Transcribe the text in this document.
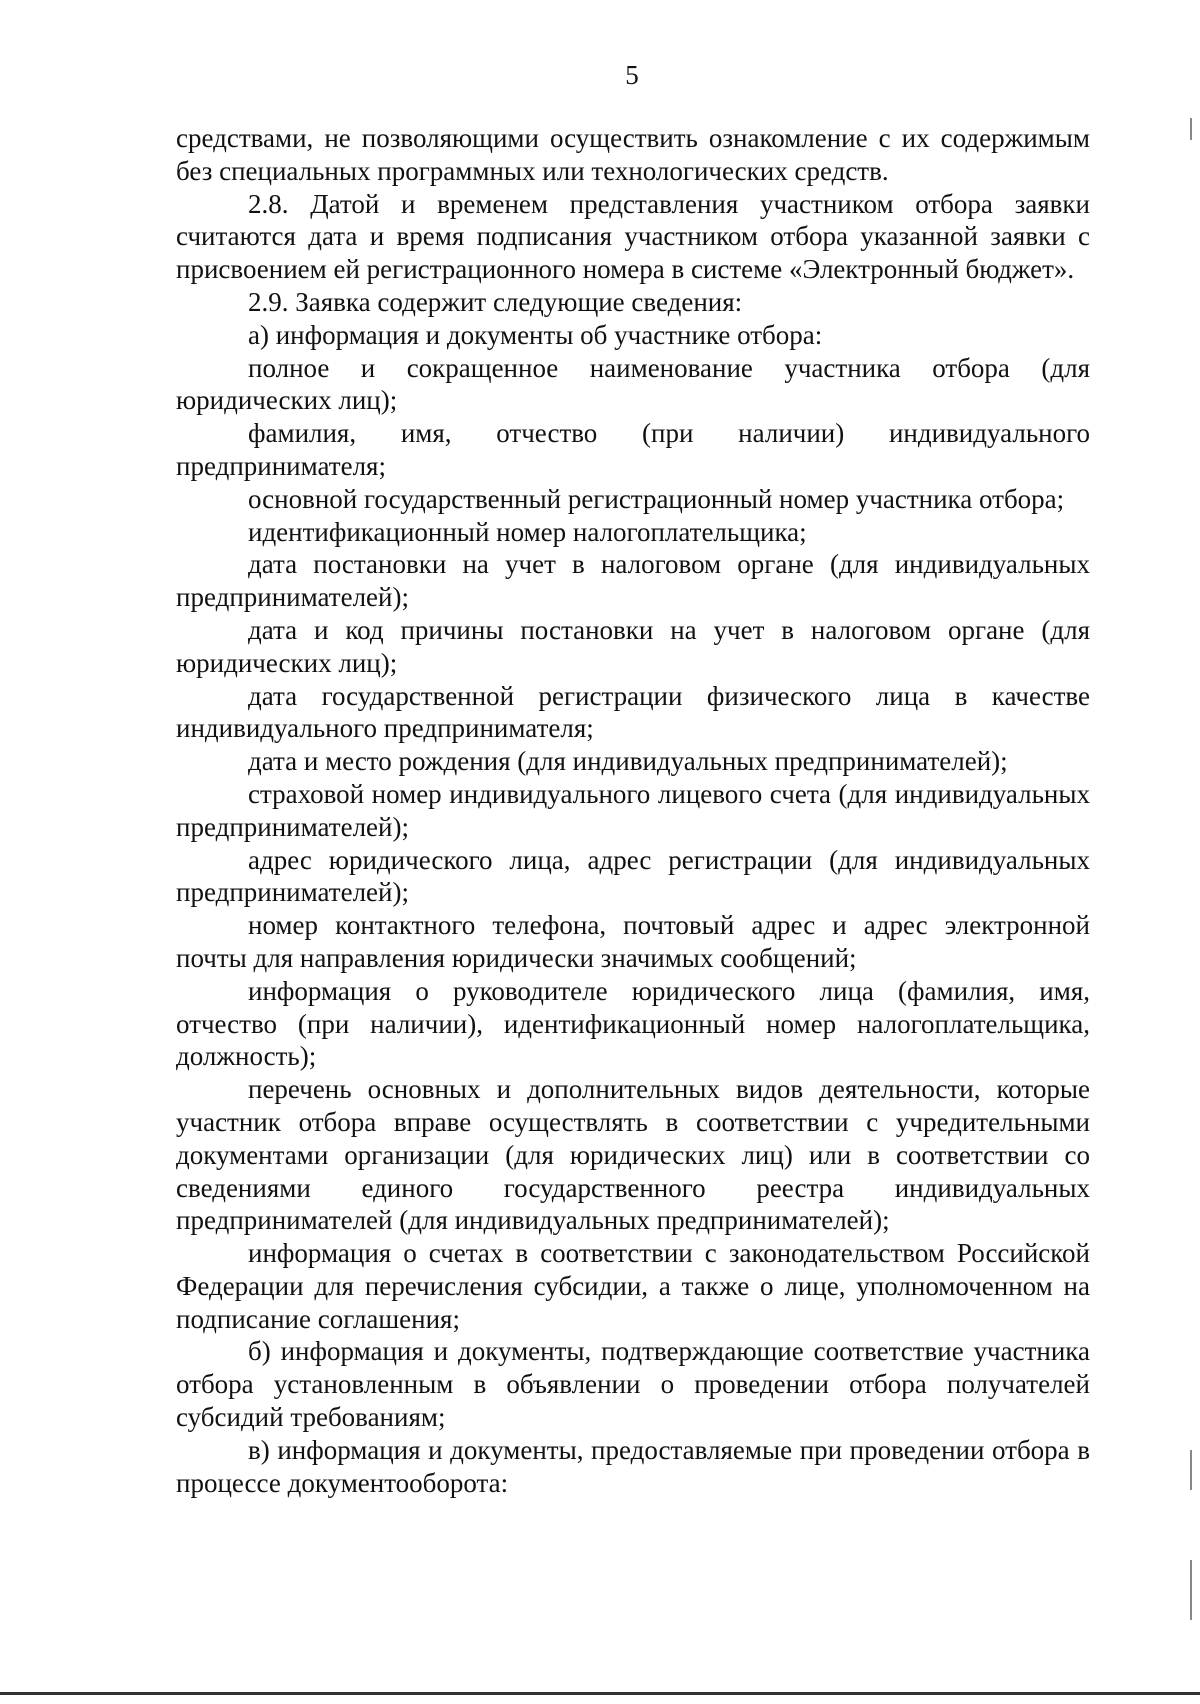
5

средствами, не позволяющими осуществить ознакомление с их содержимым без специальных программных или технологических средств.

2.8. Датой и временем представления участником отбора заявки считаются дата и время подписания участником отбора указанной заявки с присвоением ей регистрационного номера в системе «Электронный бюджет».

2.9. Заявка содержит следующие сведения:

а) информация и документы об участнике отбора:

полное и сокращенное наименование участника отбора (для юридических лиц);

фамилия, имя, отчество (при наличии) индивидуального предпринимателя;

основной государственный регистрационный номер участника отбора;

идентификационный номер налогоплательщика;

дата постановки на учет в налоговом органе (для индивидуальных предпринимателей);

дата и код причины постановки на учет в налоговом органе (для юридических лиц);

дата государственной регистрации физического лица в качестве индивидуального предпринимателя;

дата и место рождения (для индивидуальных предпринимателей);

страховой номер индивидуального лицевого счета (для индивидуальных предпринимателей);

адрес юридического лица, адрес регистрации (для индивидуальных предпринимателей);

номер контактного телефона, почтовый адрес и адрес электронной почты для направления юридически значимых сообщений;

информация о руководителе юридического лица (фамилия, имя, отчество (при наличии), идентификационный номер налогоплательщика, должность);

перечень основных и дополнительных видов деятельности, которые участник отбора вправе осуществлять в соответствии с учредительными документами организации (для юридических лиц) или в соответствии со сведениями единого государственного реестра индивидуальных предпринимателей (для индивидуальных предпринимателей);

информация о счетах в соответствии с законодательством Российской Федерации для перечисления субсидии, а также о лице, уполномоченном на подписание соглашения;

б) информация и документы, подтверждающие соответствие участника отбора установленным в объявлении о проведении отбора получателей субсидий требованиям;

в) информация и документы, предоставляемые при проведении отбора в процессе документооборота:
